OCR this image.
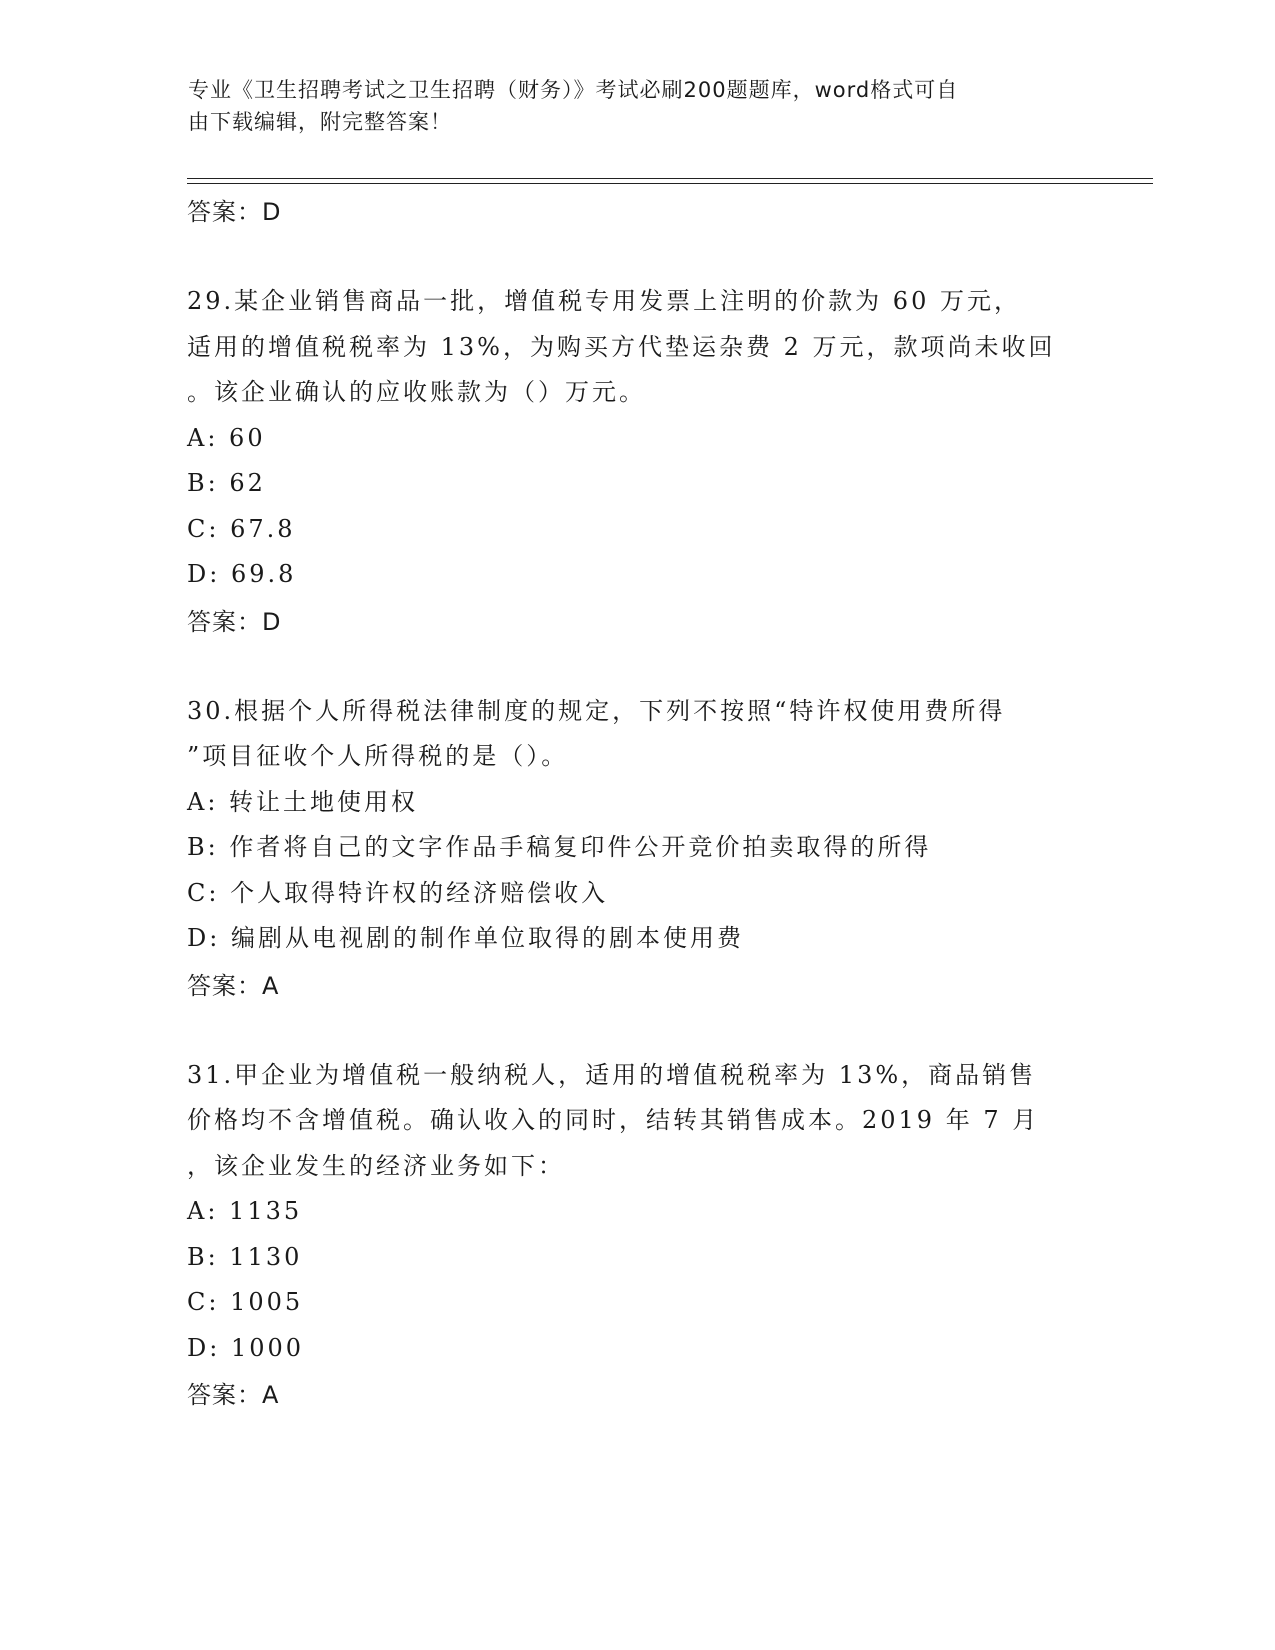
专业《卫生招聘考试之卫生招聘（财务）》考试必刷200题题库，word格式可自
由下载编辑，附完整答案！
答案：D
29.某企业销售商品一批，增值税专用发票上注明的价款为 60 万元，
适用的增值税税率为 13%，为购买方代垫运杂费 2 万元，款项尚未收回
。该企业确认的应收账款为（）万元。
A: 60
B: 62
C: 67.8
D: 69.8
答案：D
30.根据个人所得税法律制度的规定，下列不按照“特许权使用费所得
”项目征收个人所得税的是（）。
A: 转让土地使用权
B: 作者将自己的文字作品手稿复印件公开竞价拍卖取得的所得
C: 个人取得特许权的经济赔偿收入
D: 编剧从电视剧的制作单位取得的剧本使用费
答案：A
31.甲企业为增值税一般纳税人，适用的增值税税率为 13%，商品销售
价格均不含增值税。确认收入的同时，结转其销售成本。2019 年 7 月
，该企业发生的经济业务如下：
A: 1135
B: 1130
C: 1005
D: 1000
答案：A
